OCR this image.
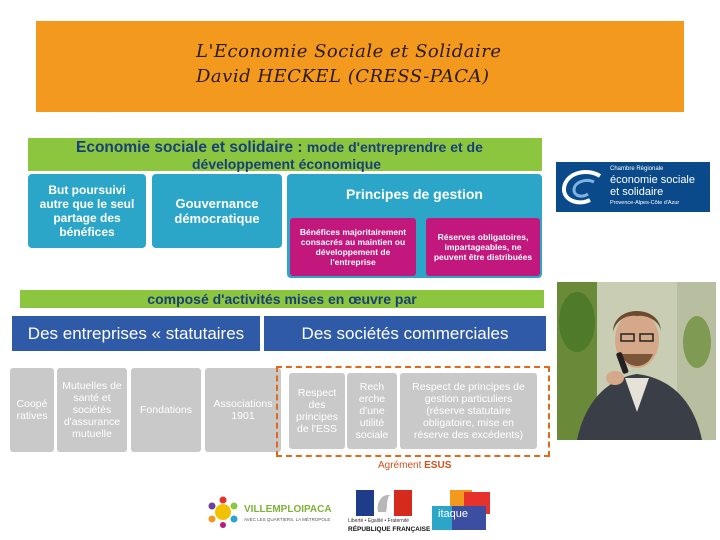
L'Economie Sociale et Solidaire
David HECKEL (CRESS-PACA)
Economie sociale et solidaire : mode d'entreprendre et de
développement économique
But poursuivi autre que le seul partage des bénéfices
Gouvernance démocratique
Principes de gestion
Bénéfices majoritairement consacrés au maintien ou développement de l'entreprise
Réserves obligatoires, impartageables, ne peuvent être distribuées
composé d'activités mises en œuvre par
Des entreprises « statutaires	Des sociétés commerciales
Coopé ratives
Mutuelles de santé et sociétés d'assurance mutuelle
Fondations	Associations 1901
Respect des principes de l'ESS
Rech erche d'une utilité sociale
Respect de principes de gestion particuliers (réserve statutaire obligatoire, mise en réserve des excédents)
Agrément ESUS
Chambre Régionale
économie sociale
et solidaire
Provence-Alpes-Côte d'Azur
VILLEMPLOIPACA
AVEC LES QUARTIERS, LA MÉTROPOLE	Liberté • Égalité • Fraternité
RÉPUBLIQUE FRANÇAISE
itaque
